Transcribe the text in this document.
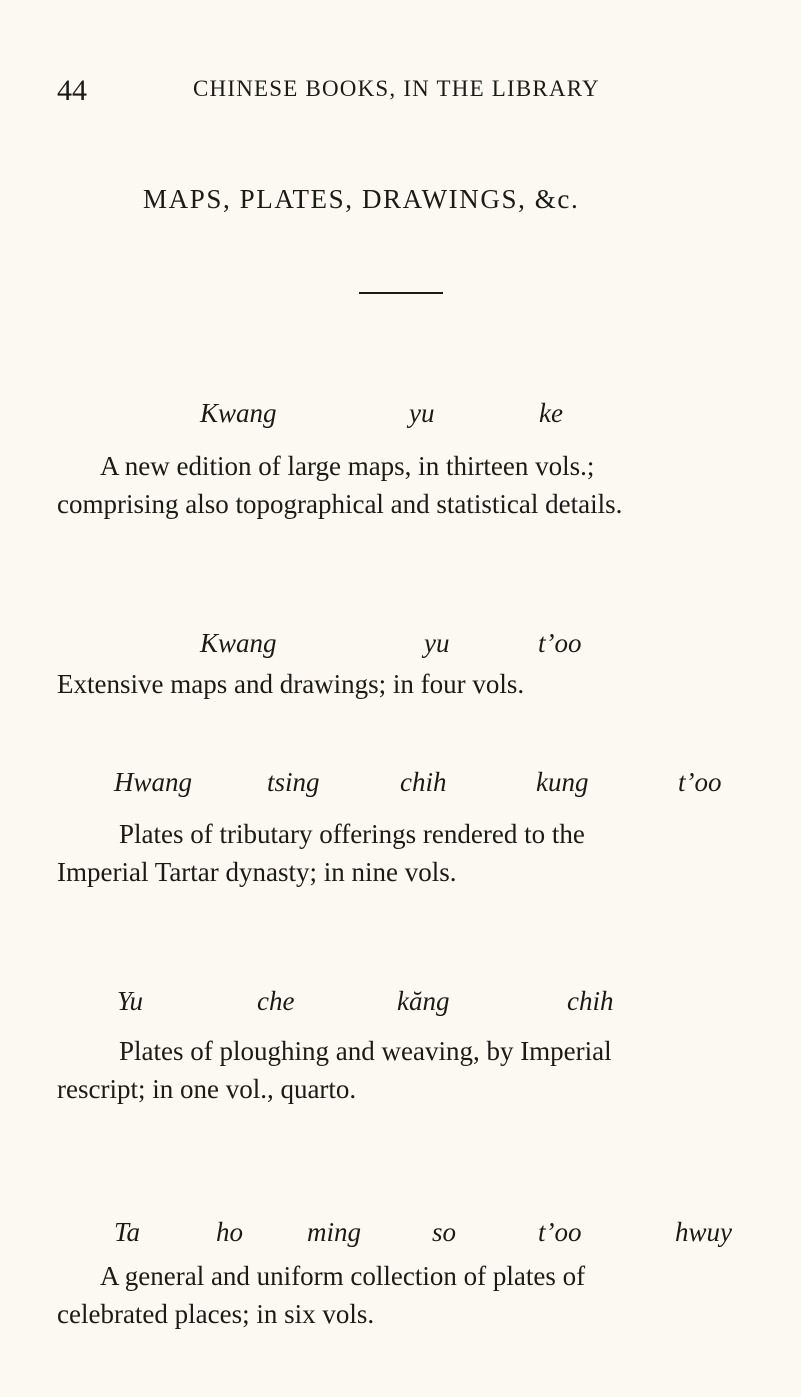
44	CHINESE BOOKS, IN THE LIBRARY
MAPS, PLATES, DRAWINGS, &c.
Kwang	yu	ke
A new edition of large maps, in thirteen vols.;
comprising also topographical and statistical details.
Kwang	yu	t’oo
Extensive maps and drawings; in four vols.
Hwang	tsing	chih	kung	t’oo
Plates of tributary offerings rendered to the
Imperial Tartar dynasty; in nine vols.
Yu	che	kăng	chih
Plates of ploughing and weaving, by Imperial
rescript; in one vol., quarto.
Ta	ho ming	so	t’oo	hwuy
A general and uniform collection of plates of
celebrated places; in six vols.
